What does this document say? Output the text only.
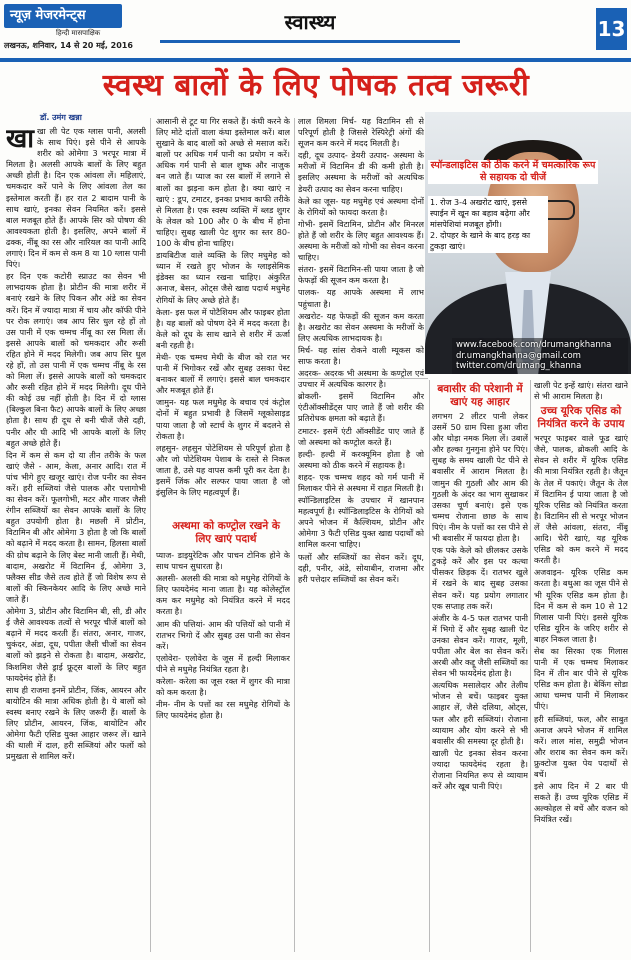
न्यूज़ मेजरमेन्ट्स
हिन्दी मासपाक्षिक
लखनऊ, शनिवार, 14 से 20 मई, 2016
स्वास्थ्य	13
स्वस्थ बालों के लिए पोषक तत्व जरूरी
डॉ. उमंग खन्ना

खाखा ली पेट एक ग्लास पानी, अलसी के साथ पिएं। इसे पीने से आपके शरीर को ओमेगा 3 भरपूर मात्रा में मिलता है। अलसी आपके बालों के लिए बहुत अच्छी होती है। दिन एक आंवला लें। महिलाएं, चमकदार करें पाने के लिए आंवला तेल का इस्तेमाल करती हैं। हर रात 2 बादाम पानी के साथ खाएं, इनका सेवन नियमित करें। इससे बाल मजबूत होते हैं। आपके सिर को पोषण की आवश्यकता होती है। इसलिए, अपने बालों में ढक्क, नींबू का रस और नारियल का पानी आदि लगाएं। दिन में कम से कम 8 या 10 ग्लास पानी पिएं।

हर दिन एक कटोरी स्प्राउट का सेवन भी लाभदायक होता है। प्रोटीन की मात्रा शरीर में बनाएं रखने के लिए पिकन और अंडे का सेवन करें। दिन में ज्यादा मात्रा में चाय और कॉफी पीने पर रोक लगाएं। जब आप सिर धुल रहे हों तो उस पानी में एक चम्मच नींबू का रस मिला लें। इससे आपके बालों को चमकदार और रूसी रहित होने में मदद मिलेगी। जब आप सिर धुल रहे हों, तो उस पानी में एक चम्मच नींबू के रस को मिला लें। इससे आपके बालों को चमकदार और रूसी रहित होने में मदद मिलेगी। दूध पीने की कोई उम्र नहीं होती है। दिन में दो ग्लास (बिल्कुल बिना फैट) आपके बालों के लिए अच्छा होता है। साथ ही दूध से बनी चीजें जैसे दही, पनीर और घी आदि भी आपके बालों के लिए बहुत अच्छे होते हैं।

दिन में कम से कम दो या तीन तरीके के फल खाएं जैसे - आम, केला, अनार आदि। रात में पांच भीगे हुए खजूर खाएं। रोज पनीर का सेवन करें। हरी सब्जियां जैसे पालक और पत्तागोभी का सेवन करें। फूलगोभी, मटर और गाजर जैसी रंगीन सब्जियों का सेवन आपके बालों के लिए बहुत उपयोगी होता है। मछली में प्रोटीन, विटामिन बी और ओमेगा 3 होता है जो कि बालों को बढ़ाने में मदद करता है। सामन, हिलसा बालों की ग्रोथ बढ़ाने के लिए बेस्ट मानी जाती हैं। मेथी, बादाम, अखरोट में विटामिन ई, ओमेगा 3, फ्लैक्स सीड जैसे तत्व होते हैं जो विशेष रूप से बालों की स्किनकेयर आदि के लिए अच्छे माने जाते हैं।

ओमेगा 3, प्रोटीन और विटामिन बी, सी, डी और ई जैसे आवश्यक तत्वों से भरपूर चीजें बालों को बढ़ाने में मदद करती हैं। संतरा, अनार, गाजर, चुकंदर, अंडा, दूध, पपीता जैसी चीजों का सेवन बालों को झड़ने से रोकता है। बादाम, अखरोट, किशमिश जैसे ड्राई फ्रूट्स बालों के लिए बहुत फायदेमंद होते हैं।

साथ ही राजमा इनमें प्रोटीन, जिंक, आयरन और बायोटिन की मात्रा अधिक होती है। ये बालों को स्वस्थ बनाए रखने के लिए जरूरी हैं। बालों के लिए प्रोटीन, आयरन, जिंक, बायोटिन और ओमेगा फैटी एसिड युक्त आहार जरूर लें। खाने की थाली में दाल, हरी सब्जियां और फलों को प्रमुखता से शामिल करें।

आसानी से टूट या गिर सकते हैं। कंघी करने के लिए मोटे दांतों वाला कंघा इस्तेमाल करें। बाल सुखाने के बाद बालों को अच्छे से मसाज करें। बालों पर अधिक गर्म पानी का प्रयोग न करें। अधिक गर्म पानी से बाल शुष्क और नाजुक बन जाते हैं। प्याज का रस बालों में लगाने से बालों का झड़ना कम होता है। क्या खाएं न खाएं : डूप, टमाटर, इनका प्रभाव काफी तरीके से मिलता है। एक स्वस्थ व्यक्ति में ब्लड शुगर के लेवल को 100 और 0 के बीच में होना चाहिए। सुबह खाली पेट शुगर का स्तर 80-100 के बीच होना चाहिए।

डायबिटीज वाले व्यक्ति के लिए मधुमेह को ध्यान में रखते हुए भोजन के ग्लाइसेमिक इंडेक्स का ध्यान रखना चाहिए। अंकुरित अनाज, बेसन, ओट्स जैसे खाद्य पदार्थ मधुमेह रोगियों के लिए अच्छे होते हैं।

केला- इस फल में पोटैशियम और फाइबर होता है। यह बालों को पोषण देने में मदद करता है। केले को दूध के साथ खाने से शरीर में ऊर्जा बनी रहती है।

मेथी- एक चम्मच मेथी के बीज को रात भर पानी में भिगोकर रखें और सुबह उसका पेस्ट बनाकर बालों में लगाएं। इससे बाल चमकदार और मजबूत होते हैं।

जामुन- यह फल मधुमेह के बचाव एवं कंट्रोल दोनों में बहुत प्रभावी है जिसमें ग्लूकोसाइड पाया जाता है जो स्टार्च के शुगर में बदलने से रोकता है।

लहसुन- लहसुन पोटेशियम से परिपूर्ण होता है और जो पोटेशियम पेशाब के रास्ते से निकल जाता है, उसे यह वापस कमी पूरी कर देता है। इसमें जिंक और सल्फर पाया जाता है जो इंसुलिन के लिए महत्वपूर्ण हैं।

अस्थमा को कण्ट्रोल रखने के लिए खाएं पदार्थ

प्याज- डाइयुरेटिक और पाचन टोनिक होने के साथ पाचन सुधारता है।

अलसी- अलसी की मात्रा को मधुमेह रोगियों के लिए फायदेमंद माना जाता है। यह कोलेस्ट्रॉल कम कर मधुमेह को नियंत्रित करने में मदद करता है।

आम की पत्तियां- आम की पत्तियों को पानी में रातभर भिगो दें और सुबह उस पानी का सेवन करें।

एलोवेरा- एलोवेरा के जूस में हल्दी मिलाकर पीने से मधुमेह नियंत्रित रहता है।

करेला- करेला का जूस रक्त में शुगर की मात्रा को कम करता है।

नीम- नीम के पत्तों का रस मधुमेह रोगियों के लिए फायदेमंद होता है।

लाल शिमला मिर्च- यह विटामिन सी से परिपूर्ण होती है जिससे रेस्पिरेट्री अंगों की सूजन कम करने में मदद मिलती है।

दही, दूध उत्पाद- डेयरी उत्पाद- अस्थमा के मरीजों में विटामिन डी की कमी होती है। इसलिए अस्थमा के मरीजों को अत्यधिक डेयरी उत्पाद का सेवन करना चाहिए।

केले का जूस- यह मधुमेह एवं अस्थमा दोनों के रोगियों को फायदा करता है।

गोभी- इसमें विटामिन, प्रोटीन और मिनरल होते हैं जो शरीर के लिए बहुत आवश्यक हैं। अस्थमा के मरीजों को गोभी का सेवन करना चाहिए।

संतरा- इसमें विटामिन-सी पाया जाता है जो फेफड़ों की सूजन कम करता है।

पालक- यह आपके अस्थमा में लाभ पहुंचाता है।

अखरोट- यह फेफड़ों की सूजन कम करता है। अखरोट का सेवन अस्थमा के मरीजों के लिए अत्यधिक लाभदायक है।

मिर्च- यह सांस रोकने वाली म्यूकस को साफ करता है।

अदरक- अदरक भी अस्थमा के कण्ट्रोल एवं उपचार में अत्यधिक कारगर है।

ब्रोकली- इसमें विटामिन और एंटीऑक्सीडेंट्स पाए जाते हैं जो शरीर की प्रतिरोधक क्षमता को बढ़ाते हैं।

टमाटर- इसमें एंटी ऑक्सीडेंट पाए जाते हैं जो अस्थमा को कण्ट्रोल करते हैं।

हल्दी- हल्दी में करक्यूमिन होता है जो अस्थमा को ठीक करने में सहायक है।

शहद- एक चम्मच शहद को गर्म पानी में मिलाकर पीने से अस्थमा में राहत मिलती है।

स्पॉन्डिलाइटिस के उपचार में खानपान महत्वपूर्ण है। स्पॉन्डिलाइटिस के रोगियों को अपने भोजन में कैल्शियम, प्रोटीन और ओमेगा 3 फैटी एसिड युक्त खाद्य पदार्थों को शामिल करना चाहिए।

फलों और सब्जियों का सेवन करें। दूध, दही, पनीर, अंडे, सोयाबीन, राजमा और हरी पत्तेदार सब्जियों का सेवन करें।

स्पॉन्डलाइटिस को ठीक करने में चमत्कारिक रूप से सहायक दो चीजें

1. रोज 3-4 अखरोट खाएं, इससे स्पाईन में खून का बहाव बढ़ेगा और मांसपेशियां मजबूत होंगी।

2. दोपहर के खाने के बाद हरड़ का टुकड़ा खाएं।

www.facebook.com/drumangkhanna
dr.umangkhanna@gmail.com
twitter.com/drumang_khanna
बवासीर की परेशानी में खाएं यह आहार

लगभग 2 लीटर पानी लेकर उसमें 50 ग्राम पिसा हुआ जीरा और थोड़ा नमक मिला लें। उबालें और हल्का गुनगुना होने पर पिएं। सुबह के समय खाली पेट पीने से बवासीर में आराम मिलता है। जामुन की गुठली और आम की गुठली के अंदर का भाग सुखाकर उसका चूर्ण बनाएं। इसे एक चम्मच रोजाना छाछ के साथ पिएं। नीम के पत्तों का रस पीने से भी बवासीर में फायदा होता है।

एक पके केले को छीलकर उसके टुकड़े करें और इस पर कत्था पीसकर छिड़क दें। रातभर खुले में रखने के बाद सुबह उसका सेवन करें। यह प्रयोग लगातार एक सप्ताह तक करें।

अंजीर के 4-5 फल रातभर पानी में भिगो दें और सुबह खाली पेट उनका सेवन करें। गाजर, मूली, पपीता और बेल का सेवन करें। अरबी और कद्दू जैसी सब्जियों का सेवन भी फायदेमंद होता है।

अत्यधिक मसालेदार और तेलीय भोजन से बचें। फाइबर युक्त आहार लें, जैसे दलिया, ओट्स, फल और हरी सब्जियां। रोजाना व्यायाम और योग करने से भी बवासीर की समस्या दूर होती है।

खाली पेट इनका सेवन करना ज्यादा फायदेमंद रहता है। रोजाना नियमित रूप से व्यायाम करें और खूब पानी पिएं।

खाली पेट इन्हें खाएं। संतरा खाने से भी आराम मिलता है।

उच्च यूरिक एसिड को नियंत्रित करने के उपाय

भरपूर फाइबर वाले फूड खाएं जैसे, पालक, ब्रोकली आदि के सेवन से शरीर में यूरिक एसिड की मात्रा नियंत्रित रहती है। जैतून के तेल में पकाएं। जैतून के तेल में विटामिन ई पाया जाता है जो यूरिक एसिड को नियंत्रित करता है। विटामिन सी से भरपूर भोजन लें जैसे आंवला, संतरा, नींबू आदि। चेरी खाएं, यह यूरिक एसिड को कम करने में मदद करती है।

अजवाइन- यूरिक एसिड कम करता है। बथुआ का जूस पीने से भी यूरिक एसिड कम होता है। दिन में कम से कम 10 से 12 गिलास पानी पिएं। इससे यूरिक एसिड यूरिन के जरिए शरीर से बाहर निकल जाता है।

सेब का सिरका एक गिलास पानी में एक चम्मच मिलाकर दिन में तीन बार पीने से यूरिक एसिड कम होता है। बेकिंग सोडा आधा चम्मच पानी में मिलाकर पीएं।

हरी सब्जियां, फल, और साबुत अनाज अपने भोजन में शामिल करें। लाल मांस, समुद्री भोजन और शराब का सेवन कम करें। फ्रुक्टोज युक्त पेय पदार्थों से बचें।

इसे आप दिन में 2 बार पी सकते हैं। उच्च यूरिक एसिड में अल्कोहल से बचें और वजन को नियंत्रित रखें।
